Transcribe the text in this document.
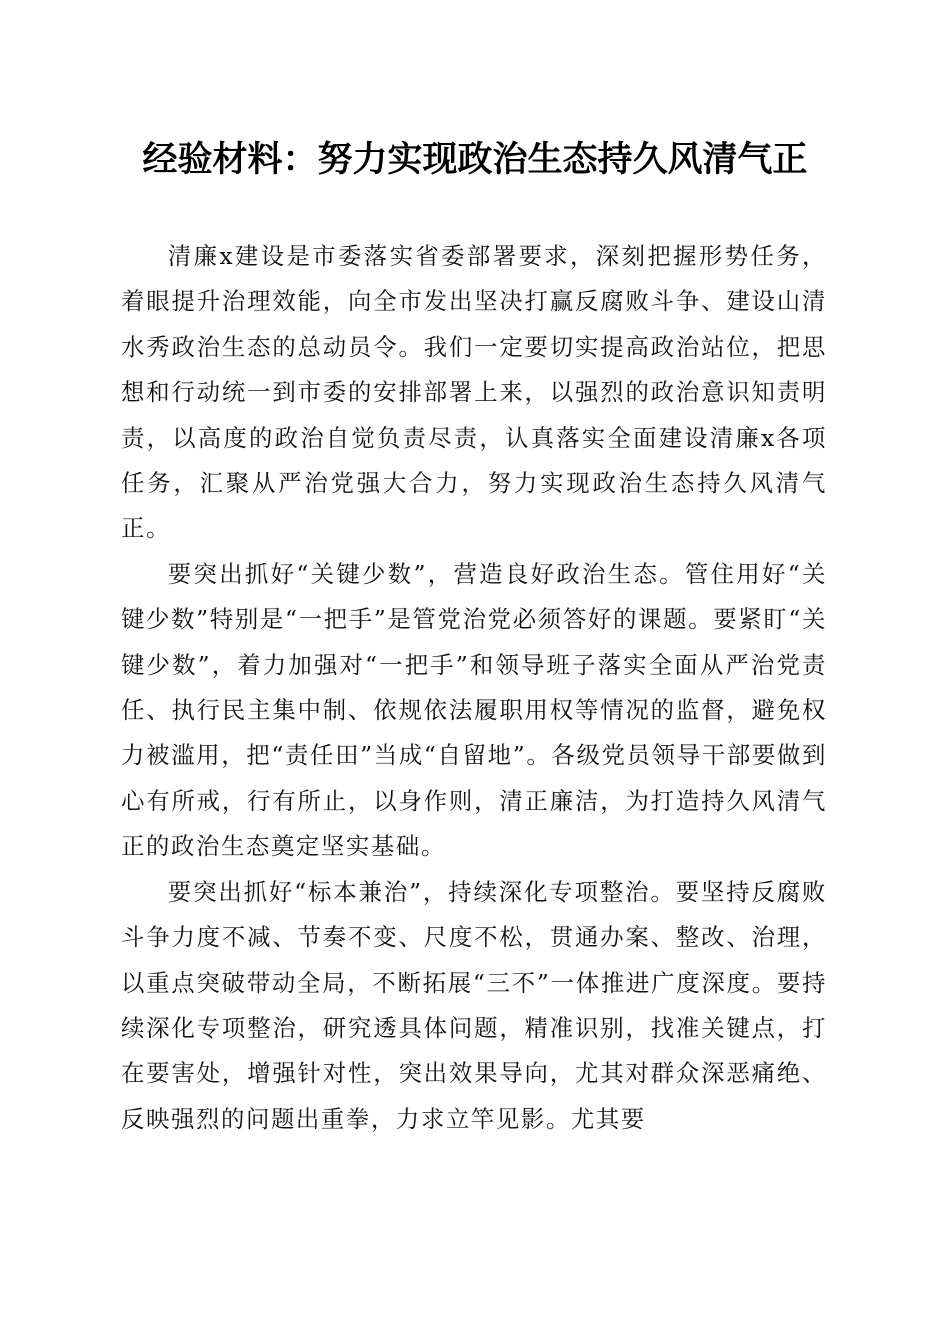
经验材料：努力实现政治生态持久风清气正

清廉x建设是市委落实省委部署要求，深刻把握形势任务，着眼提升治理效能，向全市发出坚决打赢反腐败斗争、建设山清水秀政治生态的总动员令。我们一定要切实提高政治站位，把思想和行动统一到市委的安排部署上来，以强烈的政治意识知责明责，以高度的政治自觉负责尽责，认真落实全面建设清廉x各项任务，汇聚从严治党强大合力，努力实现政治生态持久风清气正。

要突出抓好“关键少数”，营造良好政治生态。管住用好“关键少数”特别是“一把手”是管党治党必须答好的课题。要紧盯“关键少数”，着力加强对“一把手”和领导班子落实全面从严治党责任、执行民主集中制、依规依法履职用权等情况的监督，避免权力被滥用，把“责任田”当成“自留地”。各级党员领导干部要做到心有所戒，行有所止，以身作则，清正廉洁，为打造持久风清气正的政治生态奠定坚实基础。

要突出抓好“标本兼治”，持续深化专项整治。要坚持反腐败斗争力度不减、节奏不变、尺度不松，贯通办案、整改、治理，以重点突破带动全局，不断拓展“三不”一体推进广度深度。要持续深化专项整治，研究透具体问题，精准识别，找准关键点，打在要害处，增强针对性，突出效果导向，尤其对群众深恶痛绝、反映强烈的问题出重拳，力求立竿见影。尤其要
